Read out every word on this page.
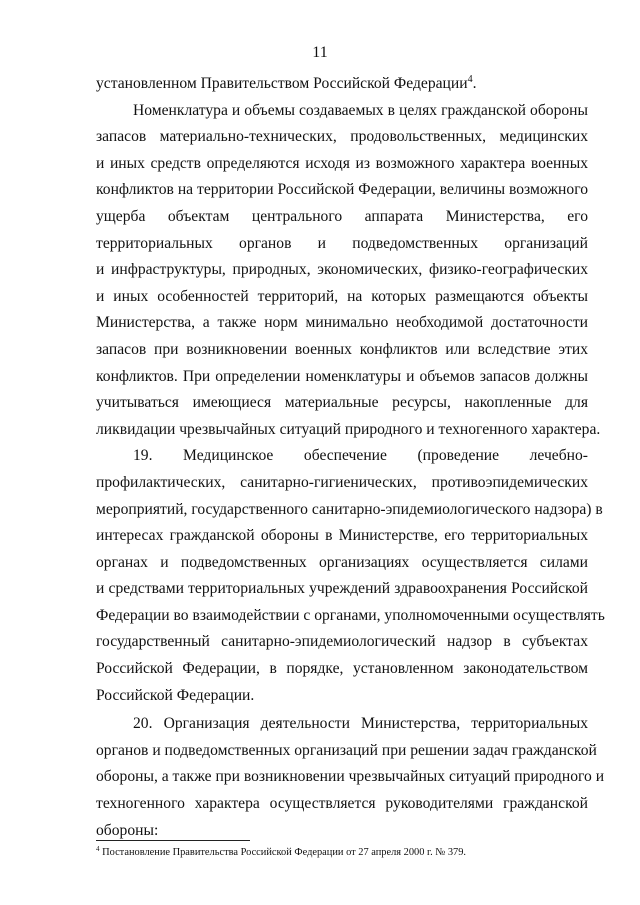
11
установленном Правительством Российской Федерации$^4$.
Номенклатура и объемы создаваемых в целях гражданской обороны
запасов материально-технических, продовольственных, медицинских
и иных средств определяются исходя из возможного характера военных
конфликтов на территории Российской Федерации, величины возможного
ущерба объектам центрального аппарата Министерства, его
территориальных органов и подведомственных организаций
и инфраструктуры, природных, экономических, физико-географических
и иных особенностей территорий, на которых размещаются объекты
Министерства, а также норм минимально необходимой достаточности
запасов при возникновении военных конфликтов или вследствие этих
конфликтов. При определении номенклатуры и объемов запасов должны
учитываться имеющиеся материальные ресурсы, накопленные для
ликвидации чрезвычайных ситуаций природного и техногенного характера.
19. Медицинское обеспечение (проведение лечебно-
профилактических, санитарно-гигиенических, противоэпидемических
мероприятий, государственного санитарно-эпидемиологического надзора) в
интересах гражданской обороны в Министерстве, его территориальных
органах и подведомственных организациях осуществляется силами
и средствами территориальных учреждений здравоохранения Российской
Федерации во взаимодействии с органами, уполномоченными осуществлять
государственный санитарно-эпидемиологический надзор в субъектах
Российской Федерации, в порядке, установленном законодательством
Российской Федерации.
20. Организация деятельности Министерства, территориальных
органов и подведомственных организаций при решении задач гражданской
обороны, а также при возникновении чрезвычайных ситуаций природного и
техногенного характера осуществляется руководителями гражданской
обороны:
$^4$ Постановление Правительства Российской Федерации от 27 апреля 2000 г. № 379.
